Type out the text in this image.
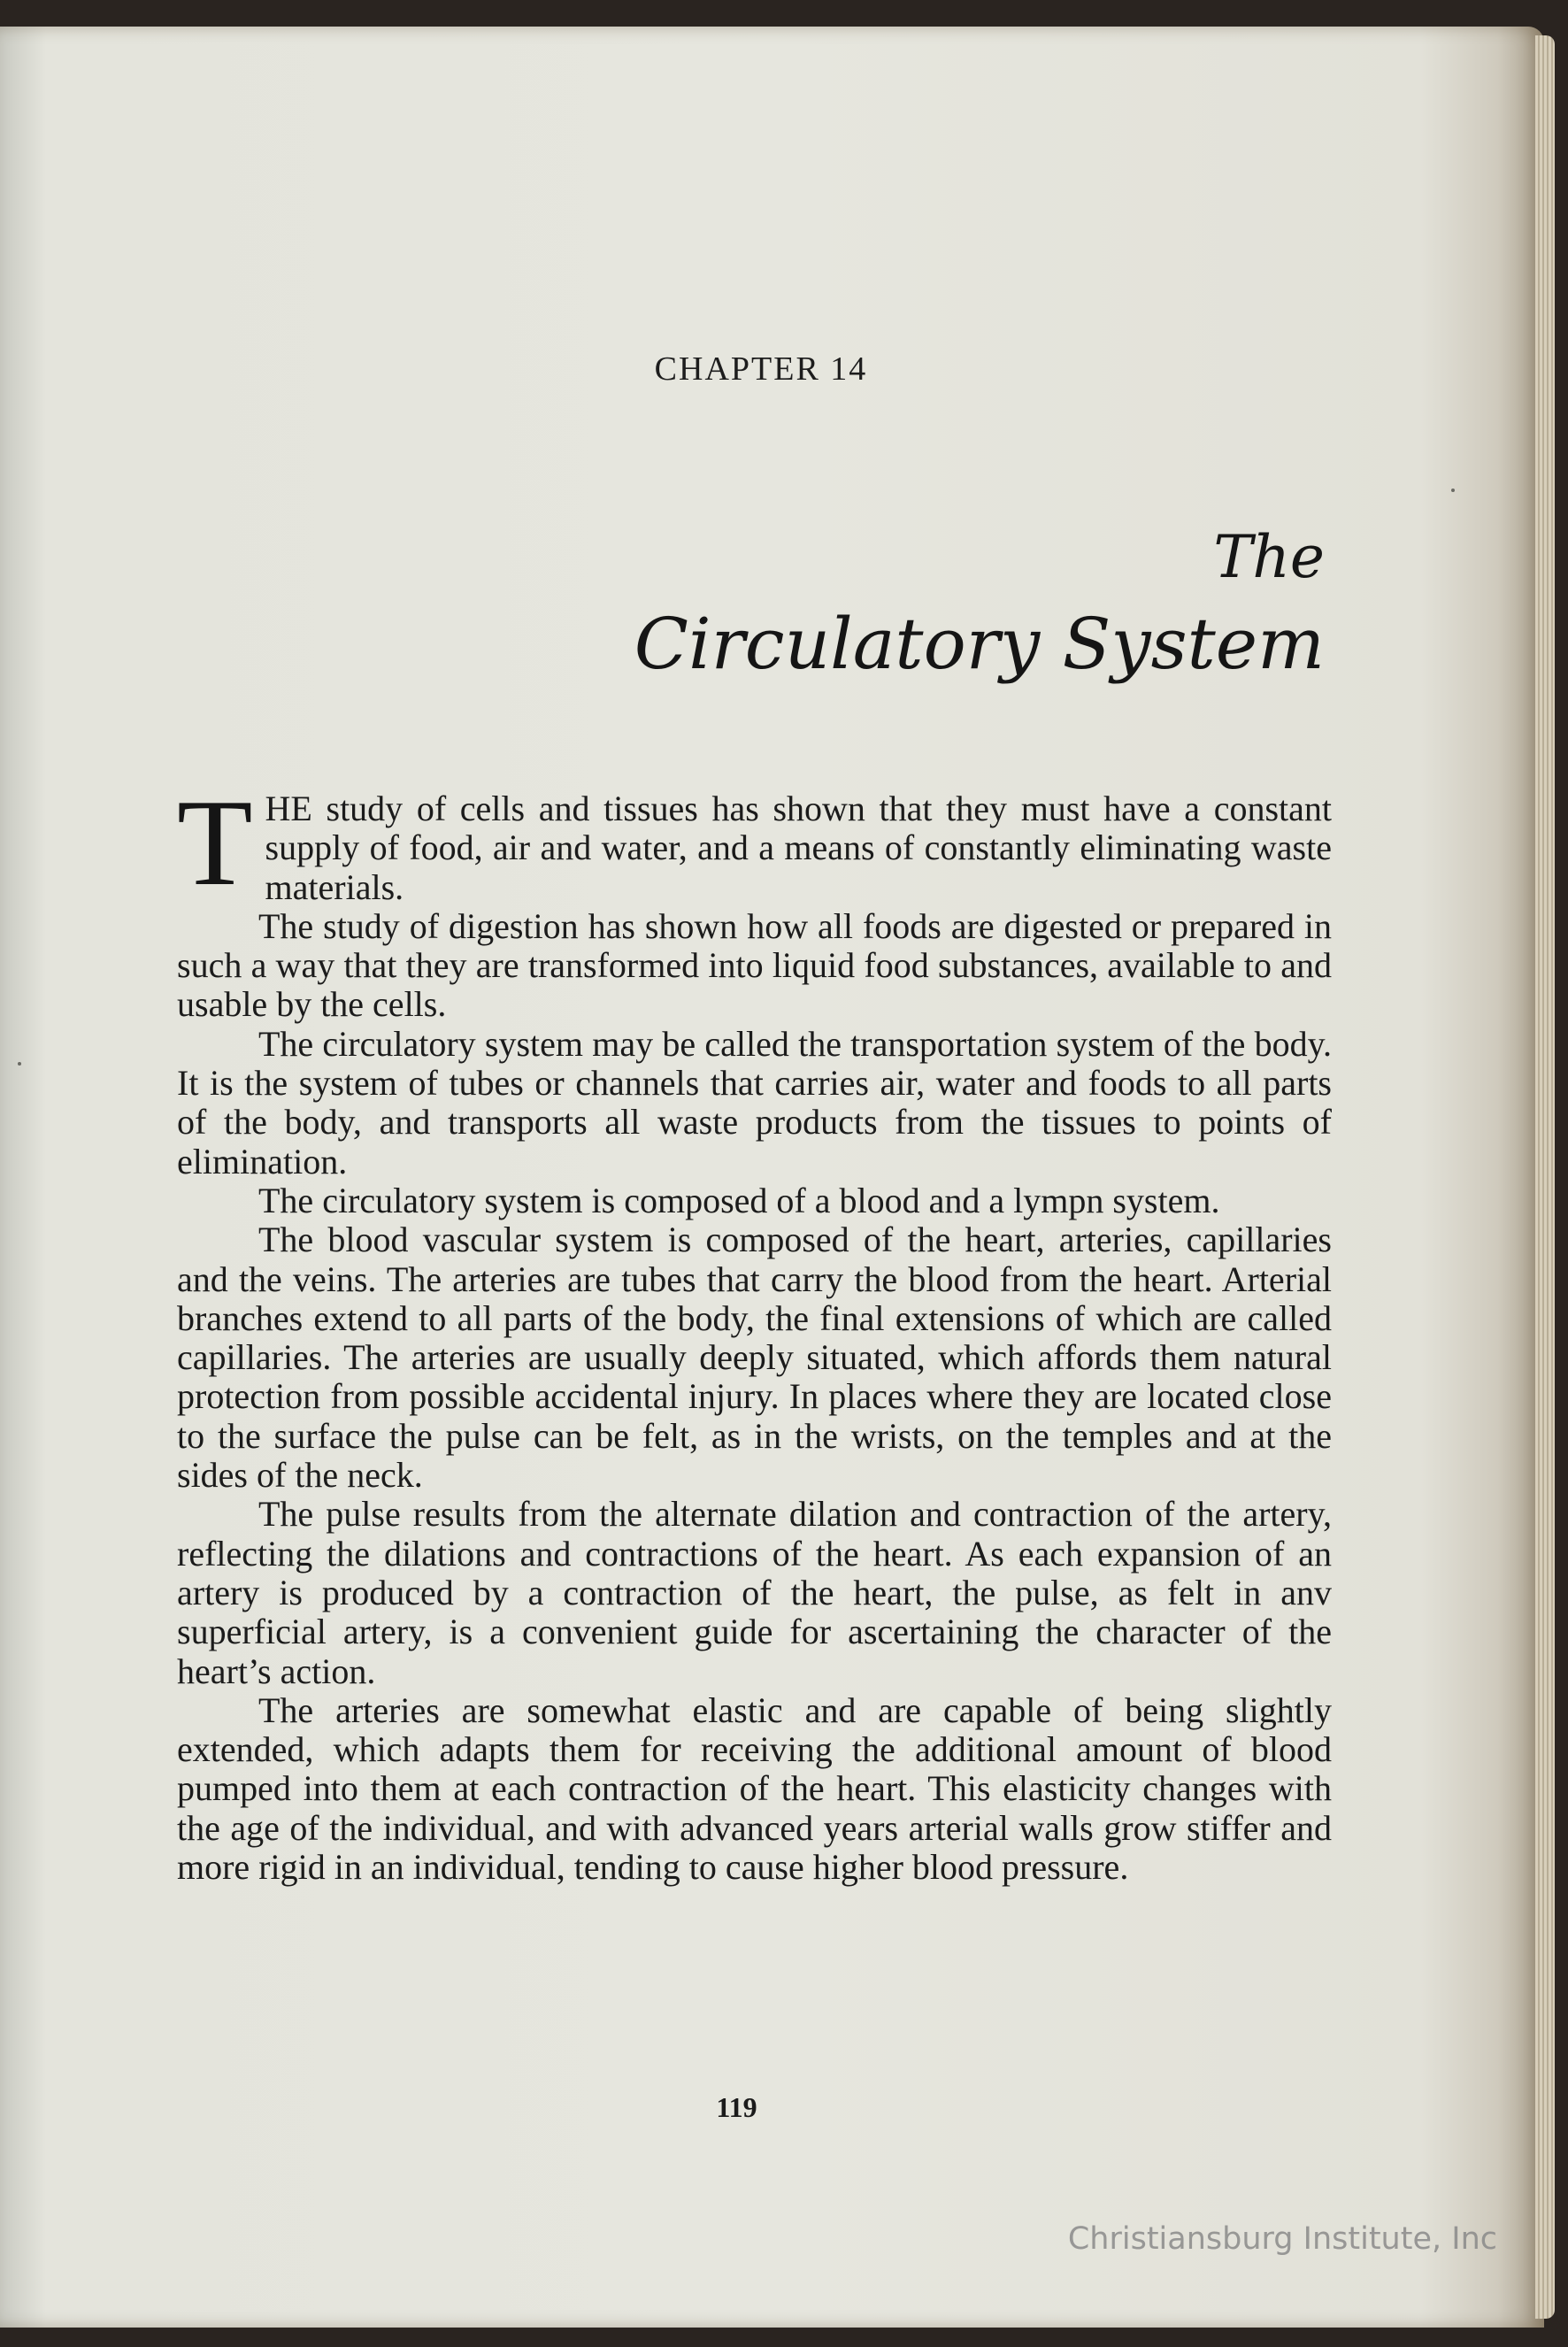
CHAPTER 14
The
Circulatory System

THE study of cells and tissues has shown that they must have a constant supply of food, air and water, and a means of constantly eliminating waste materials.

The study of digestion has shown how all foods are digested or prepared in such a way that they are transformed into liquid food substances, available to and usable by the cells.

The circulatory system may be called the transportation system of the body. It is the system of tubes or channels that carries air, water and foods to all parts of the body, and transports all waste products from the tissues to points of elimination.

The circulatory system is composed of a blood and a lympn system.

The blood vascular system is composed of the heart, arteries, capillaries and the veins. The arteries are tubes that carry the blood from the heart. Arterial branches extend to all parts of the body, the final extensions of which are called capillaries. The arteries are usually deeply situated, which affords them natural protection from possible accidental injury. In places where they are located close to the surface the pulse can be felt, as in the wrists, on the temples and at the sides of the neck.

The pulse results from the alternate dilation and contraction of the artery, reflecting the dilations and contractions of the heart. As each expansion of an artery is produced by a contraction of the heart, the pulse, as felt in anv superficial artery, is a convenient guide for ascertaining the character of the heart’s action.

The arteries are somewhat elastic and are capable of being slightly extended, which adapts them for receiving the additional amount of blood pumped into them at each contraction of the heart. This elasticity changes with the age of the individual, and with advanced years arterial walls grow stiffer and more rigid in an individual, tending to cause higher blood pressure.

119
Christiansburg Institute, Inc
